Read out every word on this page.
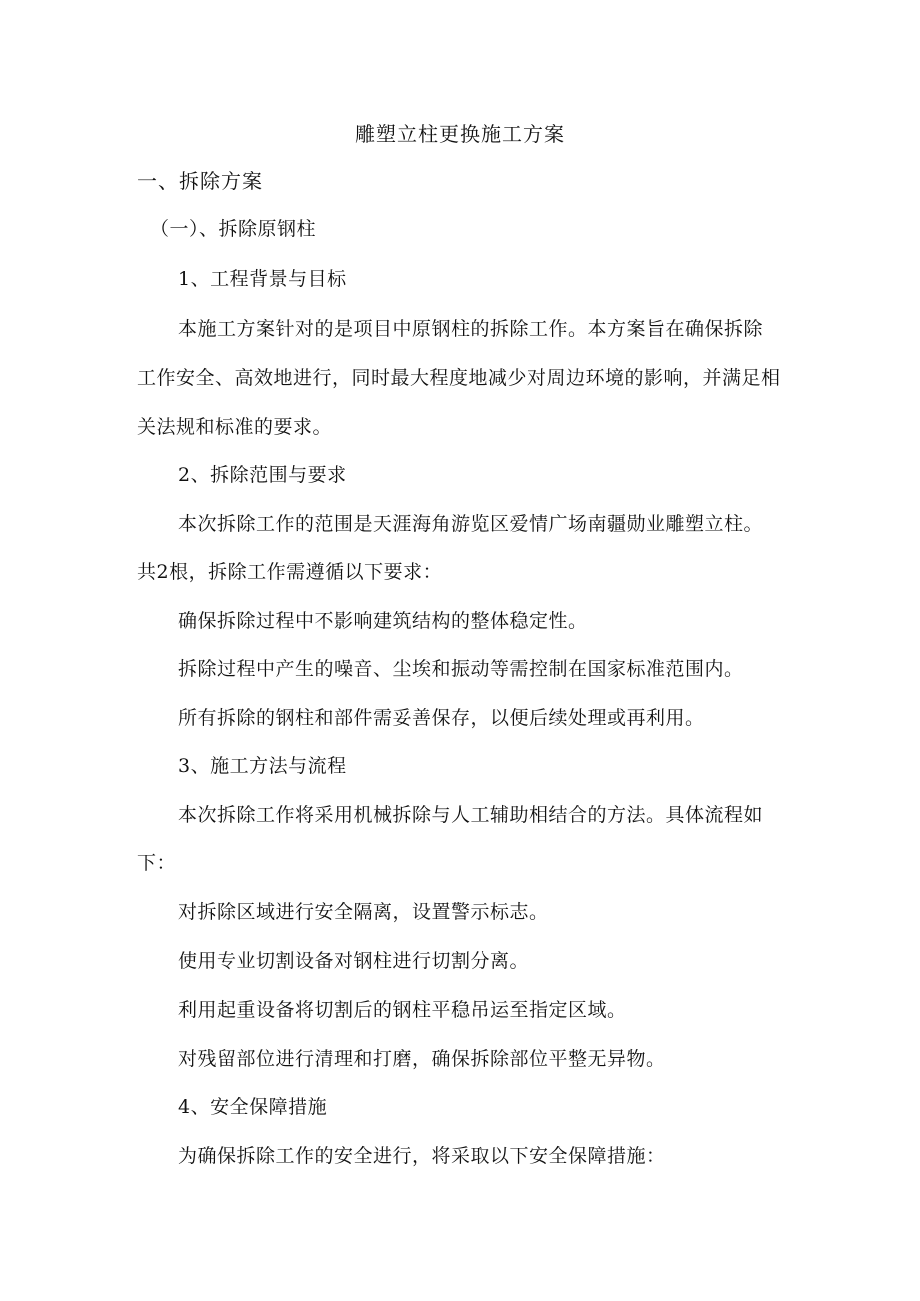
雕塑立柱更换施工方案
一、拆除方案
（一）、拆除原钢柱
1、工程背景与目标
本施工方案针对的是项目中原钢柱的拆除工作。本方案旨在确保拆除
工作安全、高效地进行，同时最大程度地减少对周边环境的影响，并满足相
关法规和标准的要求。
2、拆除范围与要求
本次拆除工作的范围是天涯海角游览区爱情广场南疆勋业雕塑立柱。
共2根，拆除工作需遵循以下要求：
确保拆除过程中不影响建筑结构的整体稳定性。
拆除过程中产生的噪音、尘埃和振动等需控制在国家标准范围内。
所有拆除的钢柱和部件需妥善保存，以便后续处理或再利用。
3、施工方法与流程
本次拆除工作将采用机械拆除与人工辅助相结合的方法。具体流程如
下：
对拆除区域进行安全隔离，设置警示标志。
使用专业切割设备对钢柱进行切割分离。
利用起重设备将切割后的钢柱平稳吊运至指定区域。
对残留部位进行清理和打磨，确保拆除部位平整无异物。
4、安全保障措施
为确保拆除工作的安全进行，将采取以下安全保障措施：
